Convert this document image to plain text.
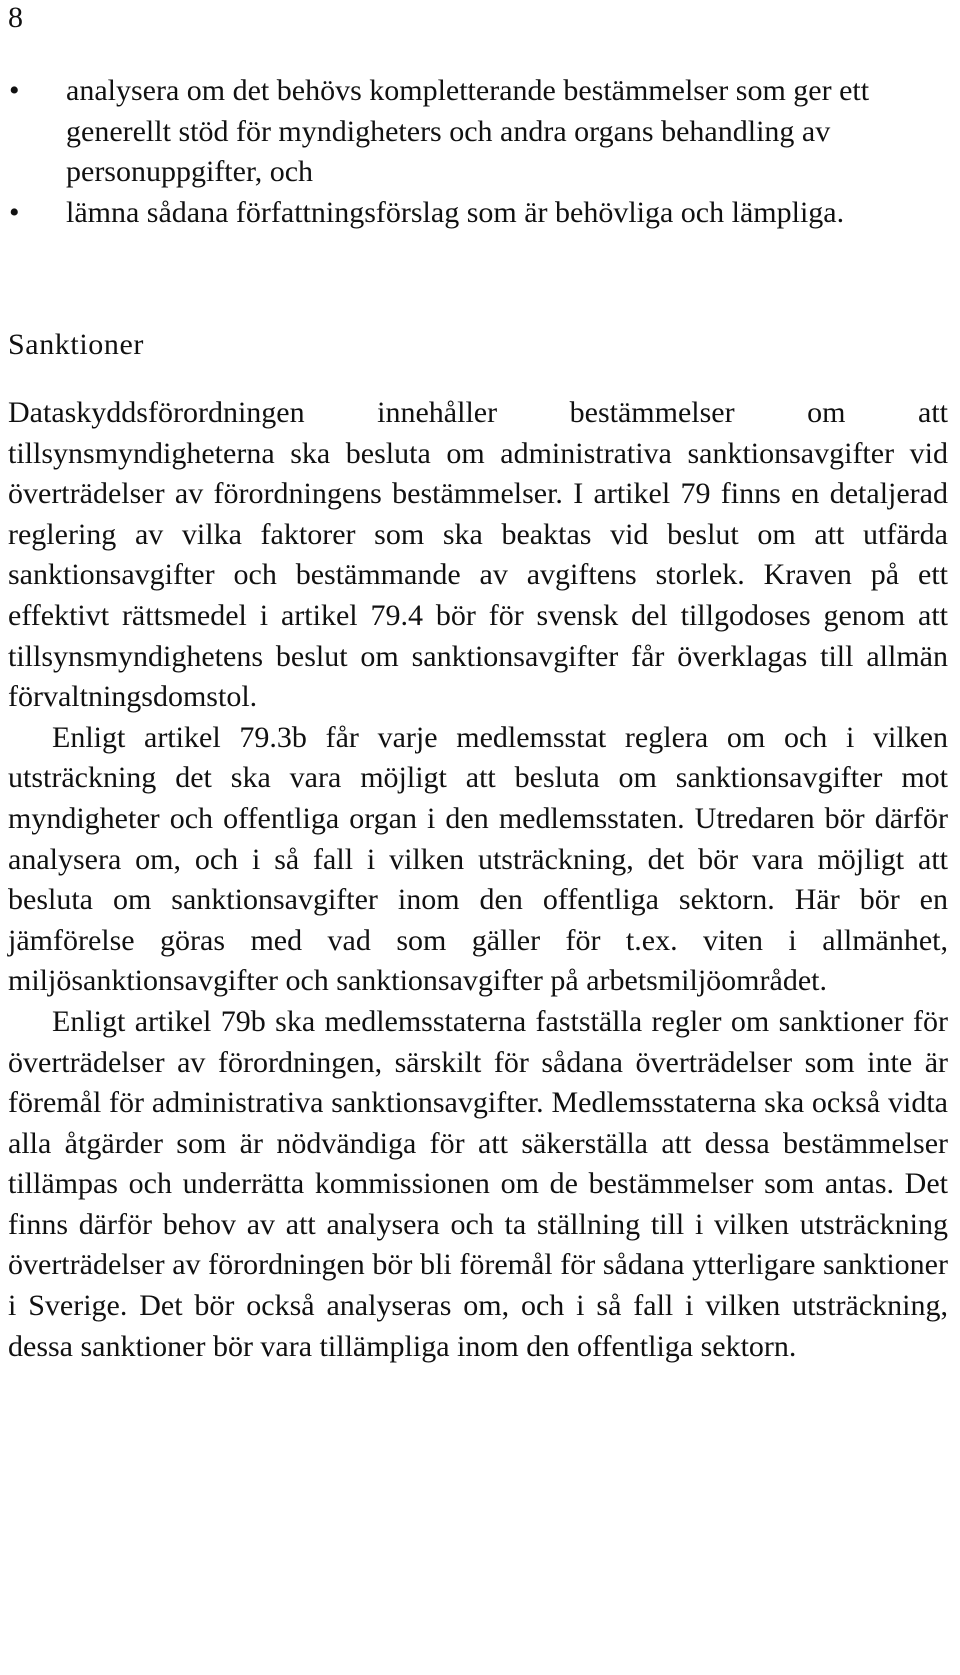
8
• analysera om det behövs kompletterande bestämmelser som ger ett generellt stöd för myndigheters och andra organs behandling av personuppgifter, och
• lämna sådana författningsförslag som är behövliga och lämpliga.
Sanktioner

Dataskyddsförordningen innehåller bestämmelser om att tillsynsmyndigheterna ska besluta om administrativa sanktionsavgifter vid överträdelser av förordningens bestämmelser. I artikel 79 finns en detaljerad reglering av vilka faktorer som ska beaktas vid beslut om att utfärda sanktionsavgifter och bestämmande av avgiftens storlek. Kraven på ett effektivt rättsmedel i artikel 79.4 bör för svensk del tillgodoses genom att tillsynsmyndighetens beslut om sanktionsavgifter får överklagas till allmän förvaltningsdomstol.

Enligt artikel 79.3b får varje medlemsstat reglera om och i vilken utsträckning det ska vara möjligt att besluta om sanktionsavgifter mot myndigheter och offentliga organ i den medlemsstaten. Utredaren bör därför analysera om, och i så fall i vilken utsträckning, det bör vara möjligt att besluta om sanktionsavgifter inom den offentliga sektorn. Här bör en jämförelse göras med vad som gäller för t.ex. viten i allmänhet, miljösanktionsavgifter och sanktionsavgifter på arbetsmiljöområdet.

Enligt artikel 79b ska medlemsstaterna fastställa regler om sanktioner för överträdelser av förordningen, särskilt för sådana överträdelser som inte är föremål för administrativa sanktionsavgifter. Medlemsstaterna ska också vidta alla åtgärder som är nödvändiga för att säkerställa att dessa bestämmelser tillämpas och underrätta kommissionen om de bestämmelser som antas. Det finns därför behov av att analysera och ta ställning till i vilken utsträckning överträdelser av förordningen bör bli föremål för sådana ytterligare sanktioner i Sverige. Det bör också analyseras om, och i så fall i vilken utsträckning, dessa sanktioner bör vara tillämpliga inom den offentliga sektorn.
